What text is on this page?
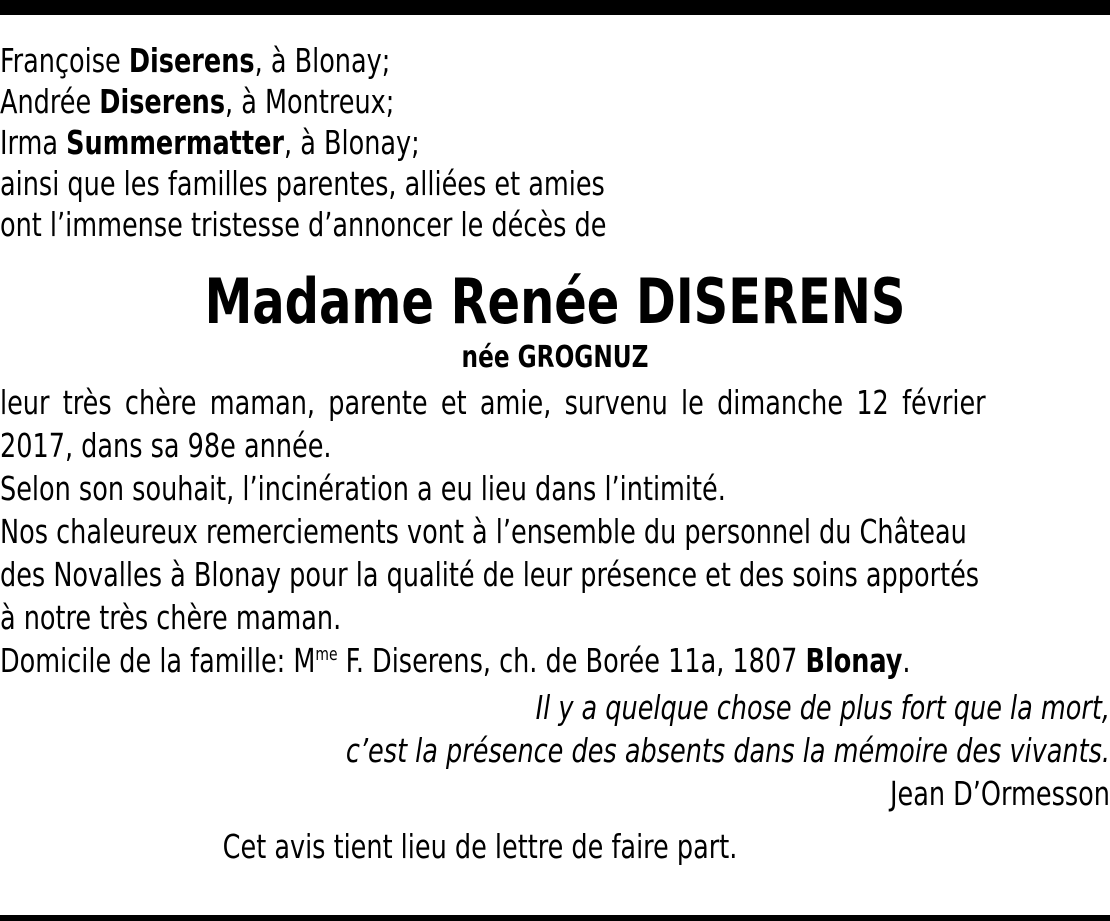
Françoise Diserens, à Blonay;
Andrée Diserens, à Montreux;
Irma Summermatter, à Blonay;
ainsi que les familles parentes, alliées et amies
ont l’immense tristesse d’annoncer le décès de
Madame Renée DISERENS
née GROGNUZ
leur très chère maman, parente et amie, survenu le dimanche 12 février
2017, dans sa 98e année.
Selon son souhait, l’incinération a eu lieu dans l’intimité.
Nos chaleureux remerciements vont à l’ensemble du personnel du Château
des Novalles à Blonay pour la qualité de leur présence et des soins apportés
à notre très chère maman.
Domicile de la famille: $M^{me}$ F. Diserens, ch. de Borée 11a, 1807 Blonay.
Il y a quelque chose de plus fort que la mort,
c’est la présence des absents dans la mémoire des vivants.
Jean D’Ormesson
Cet avis tient lieu de lettre de faire part.
